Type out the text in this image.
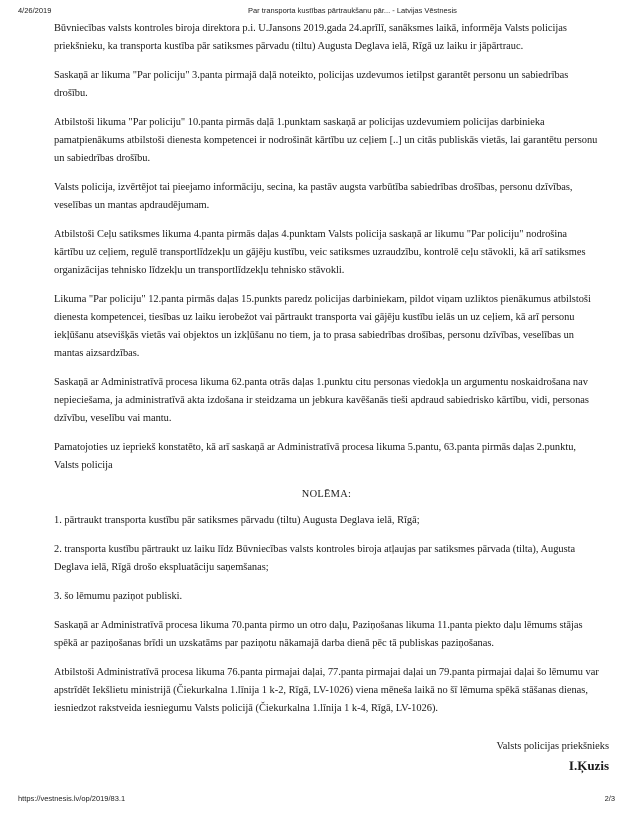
4/26/2019	Par transporta kustības pārtraukšanu pār... - Latvijas Vēstnesis

Būvniecības valsts kontroles biroja direktora p.i. U.Jansons 2019.gada 24.aprīlī, sanāksmes laikā, informēja Valsts policijas priekšnieku, ka transporta kustība pār satiksmes pārvadu (tiltu) Augusta Deglava ielā, Rīgā uz laiku ir jāpārtrauc.

Saskaņā ar likuma "Par policiju" 3.panta pirmajā daļā noteikto, policijas uzdevumos ietilpst garantēt personu un sabiedrības drošību.

Atbilstoši likuma "Par policiju" 10.panta pirmās daļā 1.punktam saskaņā ar policijas uzdevumiem policijas darbinieka pamatpienākums atbilstoši dienesta kompetencei ir nodrošināt kārtību uz ceļiem [..] un citās publiskās vietās, lai garantētu personu un sabiedrības drošību.

Valsts policija, izvērtējot tai pieejamo informāciju, secina, ka pastāv augsta varbūtība sabiedrības drošības, personu dzīvības, veselības un mantas apdraudējumam.

Atbilstoši Ceļu satiksmes likuma 4.panta pirmās daļas 4.punktam Valsts policija saskaņā ar likumu "Par policiju" nodrošina kārtību uz ceļiem, regulē transportlīdzekļu un gājēju kustību, veic satiksmes uzraudzību, kontrolē ceļu stāvokli, kā arī satiksmes organizācijas tehnisko līdzekļu un transportlīdzekļu tehnisko stāvokli.

Likuma "Par policiju" 12.panta pirmās daļas 15.punkts paredz policijas darbiniekam, pildot viņam uzliktos pienākumus atbilstoši dienesta kompetencei, tiesības uz laiku ierobežot vai pārtraukt transporta vai gājēju kustību ielās un uz ceļiem, kā arī personu iekļūšanu atsevišķās vietās vai objektos un izkļūšanu no tiem, ja to prasa sabiedrības drošības, personu dzīvības, veselības un mantas aizsardzības.

Saskaņā ar Administratīvā procesa likuma 62.panta otrās daļas 1.punktu citu personas viedokļa un argumentu noskaidrošana nav nepieciešama, ja administratīvā akta izdošana ir steidzama un jebkura kavēšanās tieši apdraud sabiedrisko kārtību, vidi, personas dzīvību, veselību vai mantu.

Pamatojoties uz iepriekš konstatēto, kā arī saskaņā ar Administratīvā procesa likuma 5.pantu, 63.panta pirmās daļas 2.punktu, Valsts policija

NOLĒMA:

1. pārtraukt transporta kustību pār satiksmes pārvadu (tiltu) Augusta Deglava ielā, Rīgā;

2. transporta kustību pārtraukt uz laiku līdz Būvniecības valsts kontroles biroja atļaujas par satiksmes pārvada (tilta), Augusta Deglava ielā, Rīgā drošo ekspluatāciju saņemšanas;

3. šo lēmumu paziņot publiski.

Saskaņā ar Administratīvā procesa likuma 70.panta pirmo un otro daļu, Paziņošanas likuma 11.panta piekto daļu lēmums stājas spēkā ar paziņošanas brīdi un uzskatāms par paziņotu nākamajā darba dienā pēc tā publiskas paziņošanas.

Atbilstoši Administratīvā procesa likuma 76.panta pirmajai daļai, 77.panta pirmajai daļai un 79.panta pirmajai daļai šo lēmumu var apstrīdēt Iekšlietu ministrijā (Čiekurkalna 1.līnija 1 k-2, Rīgā, LV-1026) viena mēneša laikā no šī lēmuma spēkā stāšanas dienas, iesniedzot rakstveida iesniegumu Valsts policijā (Čiekurkalna 1.līnija 1 k-4, Rīgā, LV-1026).

Valsts policijas priekšnieks
I.Ķuzis
https://vestnesis.lv/op/2019/83.1	2/3
